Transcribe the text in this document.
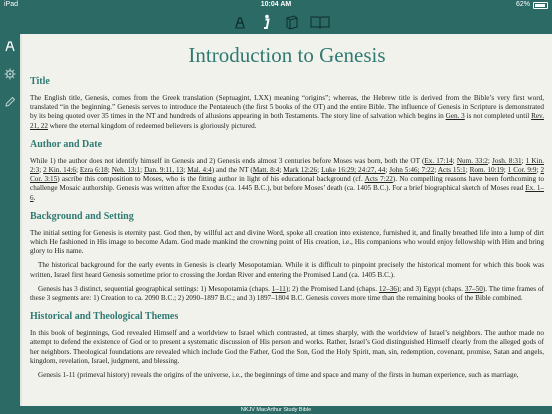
iPad	10:04 AM	62%
Introduction to Genesis
Title

The English title, Genesis, comes from the Greek translation (Septuagint, LXX) meaning “origins”; whereas, the Hebrew title is derived from the Bible’s very first word, translated “in the beginning.” Genesis serves to introduce the Pentateuch (the first 5 books of the OT) and the entire Bible. The influence of Genesis in Scripture is demonstrated by its being quoted over 35 times in the NT and hundreds of allusions appearing in both Testaments. The story line of salvation which begins in Gen. 3 is not completed until Rev. 21, 22 where the eternal kingdom of redeemed believers is gloriously pictured.

Author and Date

While 1) the author does not identify himself in Genesis and 2) Genesis ends almost 3 centuries before Moses was born, both the OT (Ex. 17:14; Num. 33:2; Josh. 8:31; 1 Kin. 2:3; 2 Kin. 14:6; Ezra 6:18; Neh. 13:1; Dan. 9:11, 13; Mal. 4:4) and the NT (Matt. 8:4; Mark 12:26; Luke 16:29; 24:27, 44; John 5:46; 7:22; Acts 15:1; Rom. 10:19; 1 Cor. 9:9; 2 Cor. 3:15) ascribe this composition to Moses, who is the fitting author in light of his educational background (cf. Acts 7:22). No compelling reasons have been forthcoming to challenge Mosaic authorship. Genesis was written after the Exodus (ca. 1445 B.C.), but before Moses’ death (ca. 1405 B.C.). For a brief biographical sketch of Moses read Ex. 1–6.

Background and Setting

The initial setting for Genesis is eternity past. God then, by willful act and divine Word, spoke all creation into existence, furnished it, and finally breathed life into a lump of dirt which He fashioned in His image to become Adam. God made mankind the crowning point of His creation, i.e., His companions who would enjoy fellowship with Him and bring glory to His name.

The historical background for the early events in Genesis is clearly Mesopotamian. While it is difficult to pinpoint precisely the historical moment for which this book was written, Israel first heard Genesis sometime prior to crossing the Jordan River and entering the Promised Land (ca. 1405 B.C.).

Genesis has 3 distinct, sequential geographical settings: 1) Mesopotamia (chaps. 1–11); 2) the Promised Land (chaps. 12–36); and 3) Egypt (chaps. 37–50). The time frames of these 3 segments are: 1) Creation to ca. 2090 B.C.; 2) 2090–1897 B.C.; and 3) 1897–1804 B.C. Genesis covers more time than the remaining books of the Bible combined.

Historical and Theological Themes

In this book of beginnings, God revealed Himself and a worldview to Israel which contrasted, at times sharply, with the worldview of Israel’s neighbors. The author made no attempt to defend the existence of God or to present a systematic discussion of His person and works. Rather, Israel’s God distinguished Himself clearly from the alleged gods of her neighbors. Theological foundations are revealed which include God the Father, God the Son, God the Holy Spirit, man, sin, redemption, covenant, promise, Satan and angels, kingdom, revelation, Israel, judgment, and blessing.

Genesis 1-11 (primeval history) reveals the origins of the universe, i.e., the beginnings of time and space and many of the firsts in human experience, such as marriage,

NKJV MacArthur Study Bible
